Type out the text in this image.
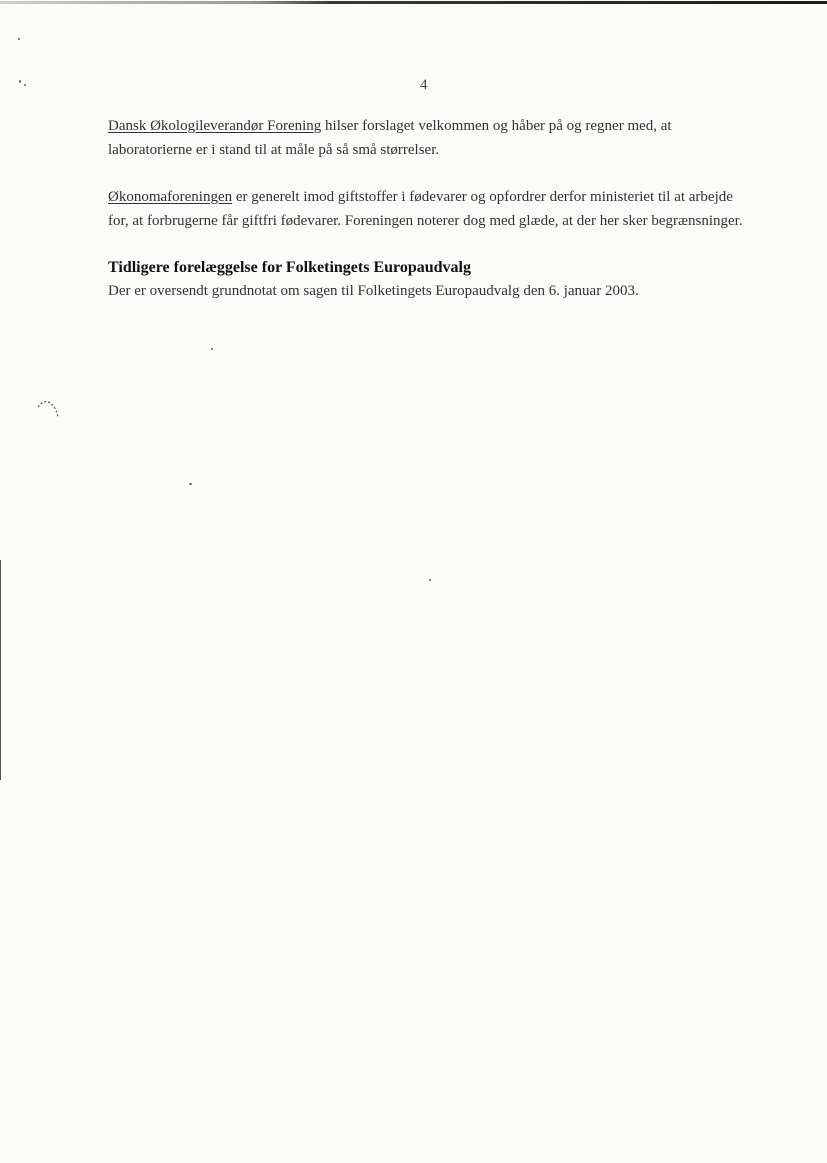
4

Dansk Økologileverandør Forening hilser forslaget velkommen og håber på og regner med, at laboratorierne er i stand til at måle på så små størrelser.

Økonomaforeningen er generelt imod giftstoffer i fødevarer og opfordrer derfor ministeriet til at arbejde for, at forbrugerne får giftfri fødevarer. Foreningen noterer dog med glæde, at der her sker begrænsninger.

Tidligere forelæggelse for Folketingets Europaudvalg

Der er oversendt grundnotat om sagen til Folketingets Europaudvalg den 6. januar 2003.
